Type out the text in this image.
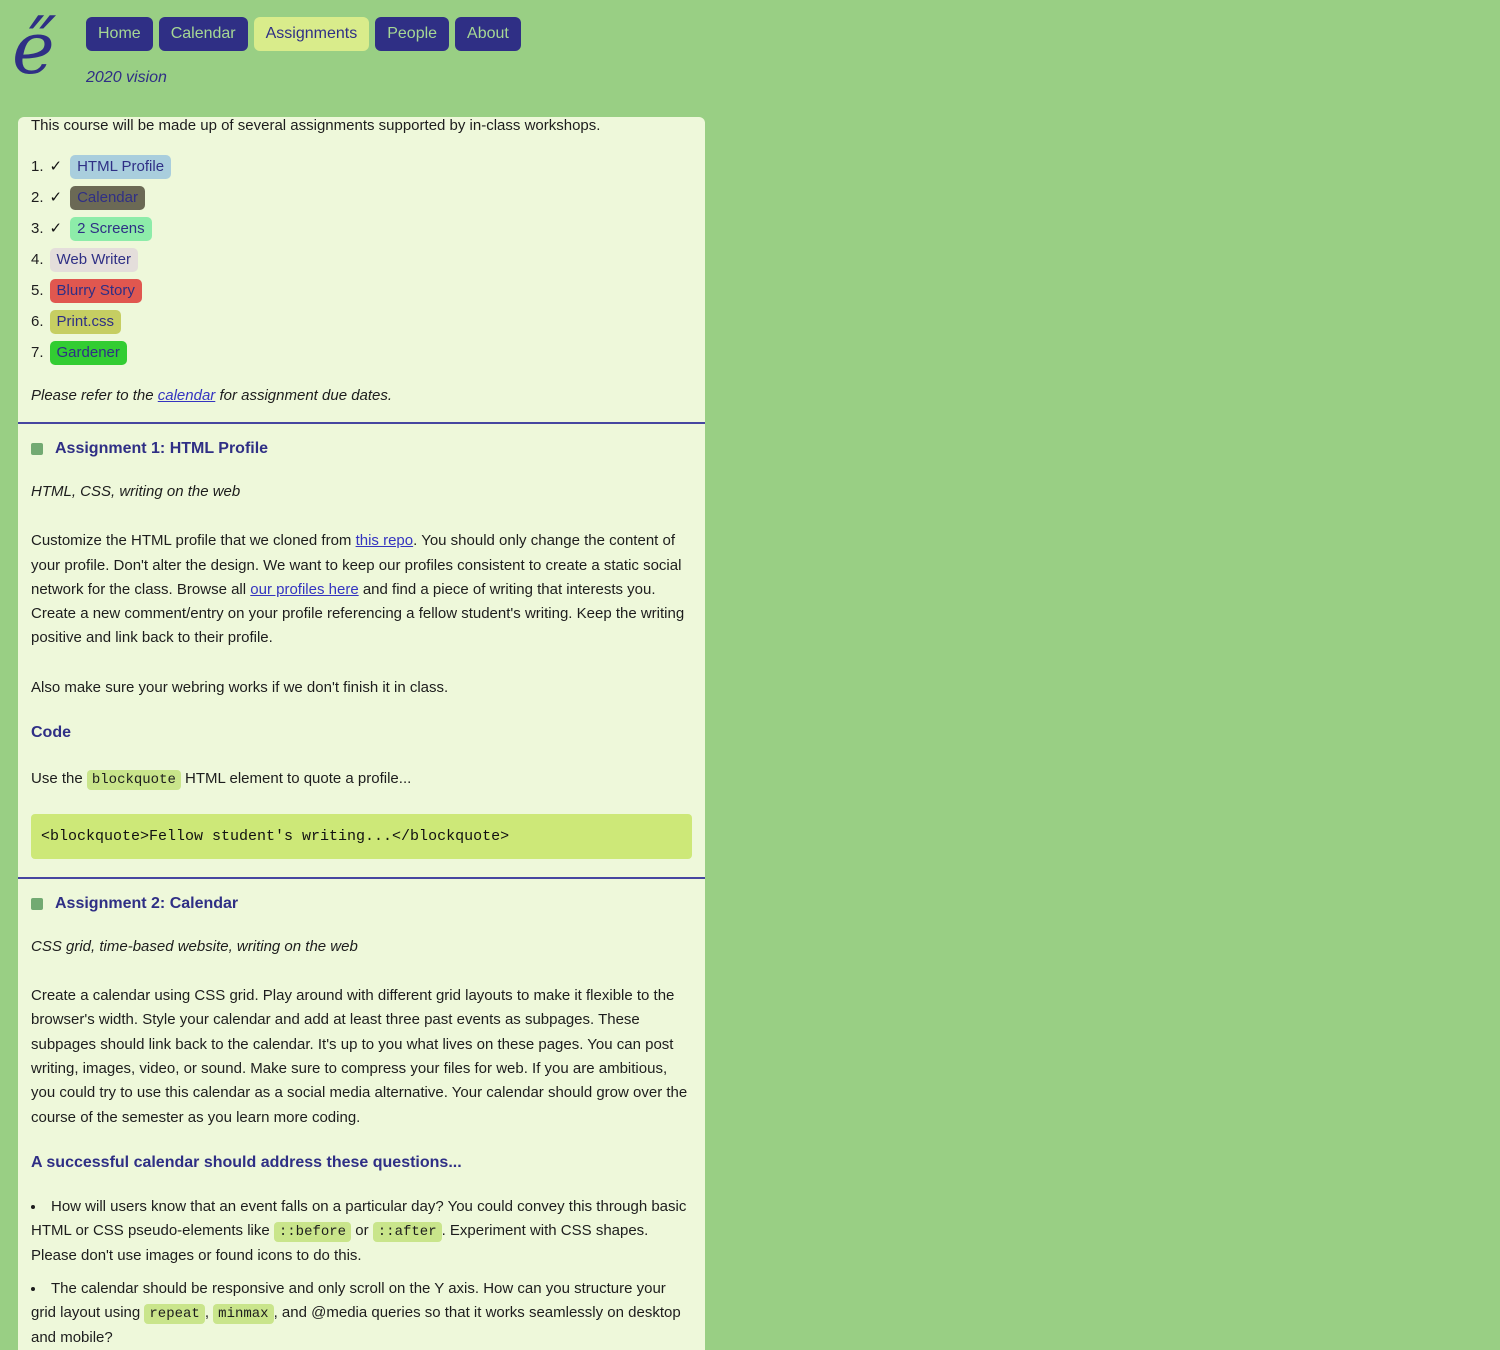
e̋	Home	Calendar	Assignments	People	About
2020 vision

This course will be made up of several assignments supported by in-class workshops.

1. ✓ HTML Profile
2. ✓ Calendar
3. ✓ 2 Screens
4. Web Writer
5. Blurry Story
6. Print.css
7. Gardener

Please refer to the calendar for assignment due dates.

Assignment 1: HTML Profile

HTML, CSS, writing on the web

Customize the HTML profile that we cloned from this repo. You should only change the content of your profile. Don't alter the design. We want to keep our profiles consistent to create a static social network for the class. Browse all our profiles here and find a piece of writing that interests you. Create a new comment/entry on your profile referencing a fellow student's writing. Keep the writing positive and link back to their profile.

Also make sure your webring works if we don't finish it in class.

Code

Use the blockquote HTML element to quote a profile...

<blockquote>Fellow student's writing...</blockquote>
Assignment 2: Calendar

CSS grid, time-based website, writing on the web

Create a calendar using CSS grid. Play around with different grid layouts to make it flexible to the browser's width. Style your calendar and add at least three past events as subpages. These subpages should link back to the calendar. It's up to you what lives on these pages. You can post writing, images, video, or sound. Make sure to compress your files for web. If you are ambitious, you could try to use this calendar as a social media alternative. Your calendar should grow over the course of the semester as you learn more coding.

A successful calendar should address these questions...
• How will users know that an event falls on a particular day? You could convey this through basic HTML or CSS pseudo-elements like ::before or ::after . Experiment with CSS shapes. Please don't use images or found icons to do this.
• The calendar should be responsive and only scroll on the Y axis. How can you structure your grid layout using repeat , minmax , and @media queries so that it works seamlessly on desktop and mobile?
